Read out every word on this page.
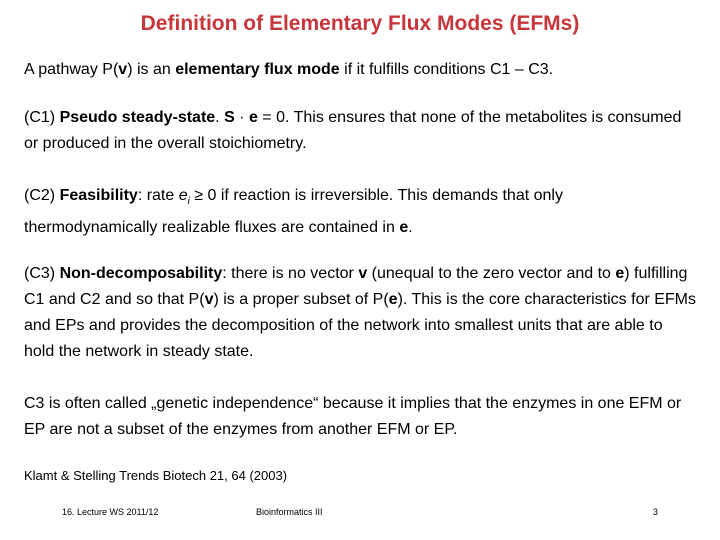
Definition of Elementary Flux Modes (EFMs)

A pathway P(v) is an elementary flux mode if it fulfills conditions C1 – C3.

(C1) Pseudo steady-state. S · e = 0. This ensures that none of the metabolites is consumed or produced in the overall stoichiometry.

(C2) Feasibility: rate $e_i \ge 0$ if reaction is irreversible. This demands that only thermodynamically realizable fluxes are contained in e.

(C3) Non-decomposability: there is no vector v (unequal to the zero vector and to e) fulfilling C1 and C2 and so that P(v) is a proper subset of P(e). This is the core characteristics for EFMs and EPs and provides the decomposition of the network into smallest units that are able to hold the network in steady state.

C3 is often called „genetic independence“ because it implies that the enzymes in one EFM or EP are not a subset of the enzymes from another EFM or EP.

Klamt & Stelling Trends Biotech 21, 64 (2003)
16. Lecture WS 2011/12	Bioinformatics III	3
